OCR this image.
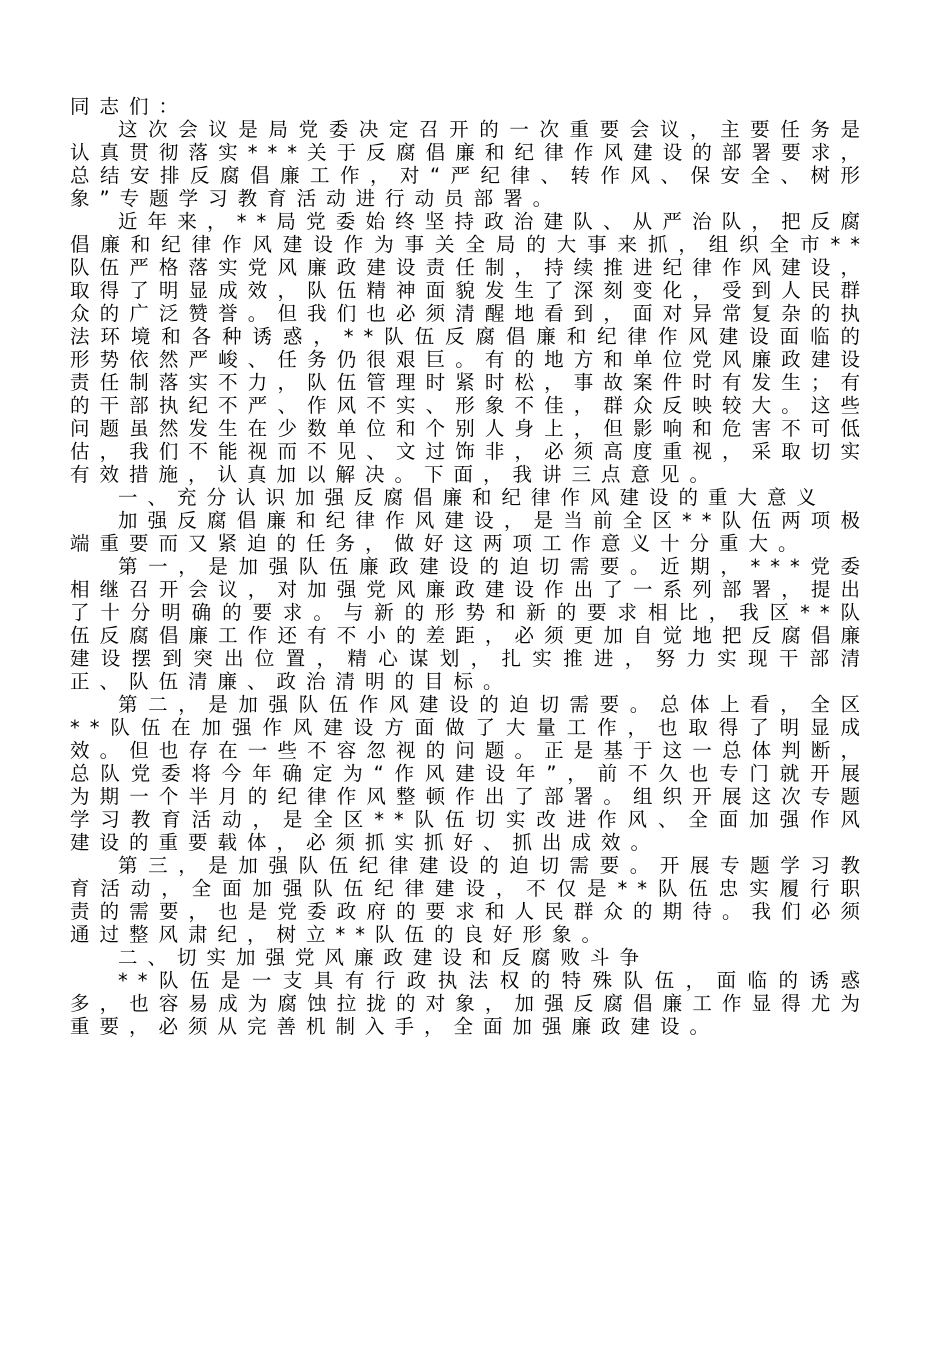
同志们：

这次会议是局党委决定召开的一次重要会议，主要任务是认真贯彻落实***关于反腐倡廉和纪律作风建设的部署要求，总结安排反腐倡廉工作，对“严纪律、转作风、保安全、树形象”专题学习教育活动进行动员部署。

近年来，**局党委始终坚持政治建队、从严治队，把反腐倡廉和纪律作风建设作为事关全局的大事来抓，组织全市**队伍严格落实党风廉政建设责任制，持续推进纪律作风建设，取得了明显成效，队伍精神面貌发生了深刻变化，受到人民群众的广泛赞誉。但我们也必须清醒地看到，面对异常复杂的执法环境和各种诱惑，**队伍反腐倡廉和纪律作风建设面临的形势依然严峻、任务仍很艰巨。有的地方和单位党风廉政建设责任制落实不力，队伍管理时紧时松，事故案件时有发生；有的干部执纪不严、作风不实、形象不佳，群众反映较大。这些问题虽然发生在少数单位和个别人身上，但影响和危害不可低估，我们不能视而不见、文过饰非，必须高度重视，采取切实有效措施，认真加以解决。下面，我讲三点意见。

一、充分认识加强反腐倡廉和纪律作风建设的重大意义

加强反腐倡廉和纪律作风建设，是当前全区**队伍两项极端重要而又紧迫的任务，做好这两项工作意义十分重大。

第一，是加强队伍廉政建设的迫切需要。近期，***党委相继召开会议，对加强党风廉政建设作出了一系列部署，提出了十分明确的要求。与新的形势和新的要求相比，我区**队伍反腐倡廉工作还有不小的差距，必须更加自觉地把反腐倡廉建设摆到突出位置，精心谋划，扎实推进，努力实现干部清正、队伍清廉、政治清明的目标。

第二，是加强队伍作风建设的迫切需要。总体上看，全区**队伍在加强作风建设方面做了大量工作，也取得了明显成效。但也存在一些不容忽视的问题。正是基于这一总体判断，总队党委将今年确定为“作风建设年”，前不久也专门就开展为期一个半月的纪律作风整顿作出了部署。组织开展这次专题学习教育活动，是全区**队伍切实改进作风、全面加强作风建设的重要载体，必须抓实抓好、抓出成效。

第三，是加强队伍纪律建设的迫切需要。开展专题学习教育活动，全面加强队伍纪律建设，不仅是**队伍忠实履行职责的需要，也是党委政府的要求和人民群众的期待。我们必须通过整风肃纪，树立**队伍的良好形象。

二、切实加强党风廉政建设和反腐败斗争

**队伍是一支具有行政执法权的特殊队伍，面临的诱惑多，也容易成为腐蚀拉拢的对象，加强反腐倡廉工作显得尤为重要，必须从完善机制入手，全面加强廉政建设。
